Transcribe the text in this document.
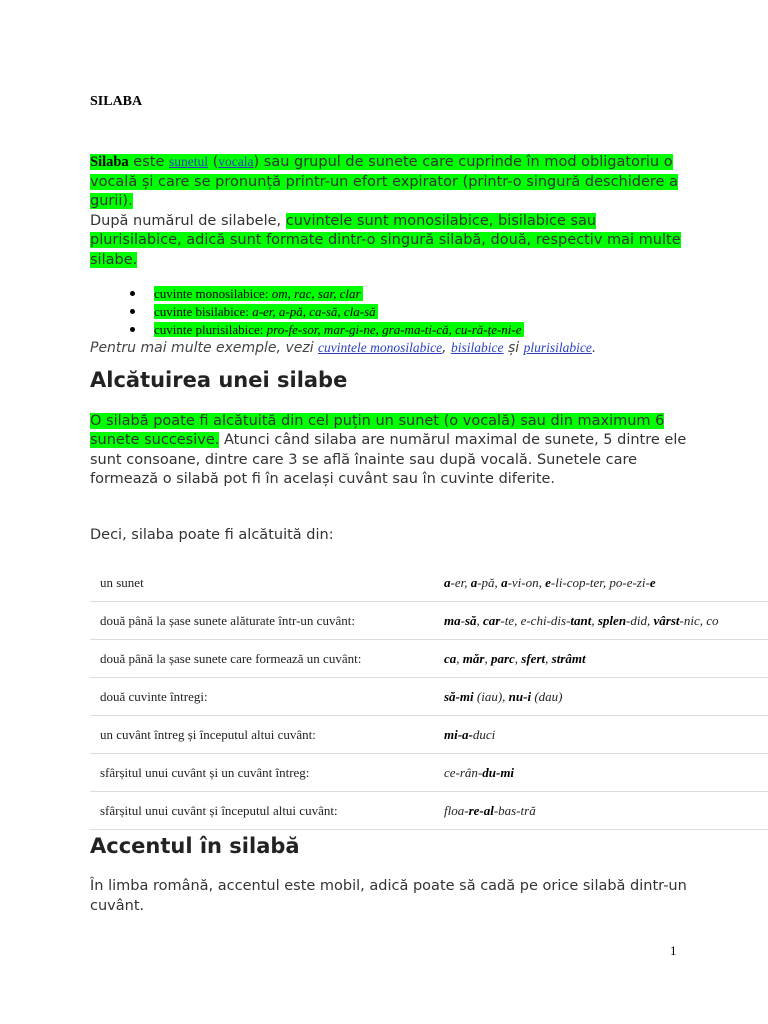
SILABA
Silaba este sunetul (vocala) sau grupul de sunete care cuprinde în mod obligatoriu o vocală și care se pronunță printr-un efort expirator (printr-o singură deschidere a gurii).
După numărul de silabele, cuvintele sunt monosilabice, bisilabice sau plurisilabice, adică sunt formate dintr-o singură silabă, două, respectiv mai multe silabe.
cuvinte monosilabice: om, rac, sar, clar
cuvinte bisilabice: a-er, a-pă, ca-să, cla-să
cuvinte plurisilabice: pro-fe-sor, mar-gi-ne, gra-ma-ti-că, cu-ră-țe-ni-e
Pentru mai multe exemple, vezi cuvintele monosilabice, bisilabice și plurisilabice.
Alcătuirea unei silabe
O silabă poate fi alcătuită din cel puțin un sunet (o vocală) sau din maximum 6 sunete succesive. Atunci când silaba are numărul maximal de sunete, 5 dintre ele sunt consoane, dintre care 3 se află înainte sau după vocală. Sunetele care formează o silabă pot fi în același cuvânt sau în cuvinte diferite.
Deci, silaba poate fi alcătuită din:
un sunet	a-er, a-pă, a-vi-on, e-li-cop-ter, po-e-zi-e
două până la șase sunete alăturate într-un cuvânt:	ma-să, car-te, e-chi-dis-tant, splen-did, vârst-nic, co
două până la șase sunete care formează un cuvânt:	ca, măr, parc, sfert, strâmt
două cuvinte întregi:	să-mi (iau), nu-i (dau)
un cuvânt întreg și începutul altui cuvânt:	mi-a-duci
sfârșitul unui cuvânt și un cuvânt întreg:	ce-rân-du-mi
sfârșitul unui cuvânt și începutul altui cuvânt:	floa-re-al-bas-tră
Accentul în silabă
În limba română, accentul este mobil, adică poate să cadă pe orice silabă dintr-un cuvânt.
1
